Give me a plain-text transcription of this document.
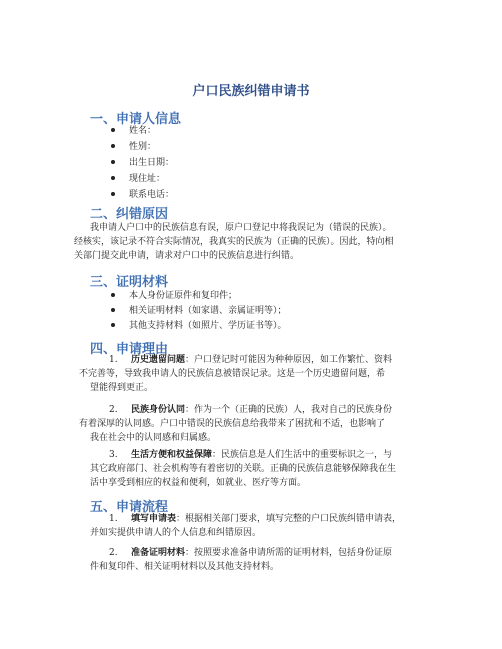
户口民族纠错申请书
一、申请人信息
姓名：
性别：
出生日期：
现住址：
联系电话：
二、纠错原因
我申请人户口中的民族信息有误，原户口登记中将我误记为（错误的民族）。
经核实，该记录不符合实际情况，我真实的民族为（正确的民族）。因此，特向相
关部门提交此申请，请求对户口中的民族信息进行纠错。
三、证明材料
本人身份证原件和复印件；
相关证明材料（如家谱、亲属证明等）；
其他支持材料（如照片、学历证书等）。
四、申请理由
1. 历史遗留问题：户口登记时可能因为种种原因，如工作繁忙、资料
不完善等，导致我申请人的民族信息被错误记录。这是一个历史遗留问题，希
望能得到更正。
2. 民族身份认同：作为一个（正确的民族）人，我对自己的民族身份
有着深厚的认同感。户口中错误的民族信息给我带来了困扰和不适，也影响了
我在社会中的认同感和归属感。
3. 生活方便和权益保障：民族信息是人们生活中的重要标识之一，与
其它政府部门、社会机构等有着密切的关联。正确的民族信息能够保障我在生
活中享受到相应的权益和便利，如就业、医疗等方面。
五、申请流程
1. 填写申请表：根据相关部门要求，填写完整的户口民族纠错申请表，
并如实提供申请人的个人信息和纠错原因。
2. 准备证明材料：按照要求准备申请所需的证明材料，包括身份证原
件和复印件、相关证明材料以及其他支持材料。
